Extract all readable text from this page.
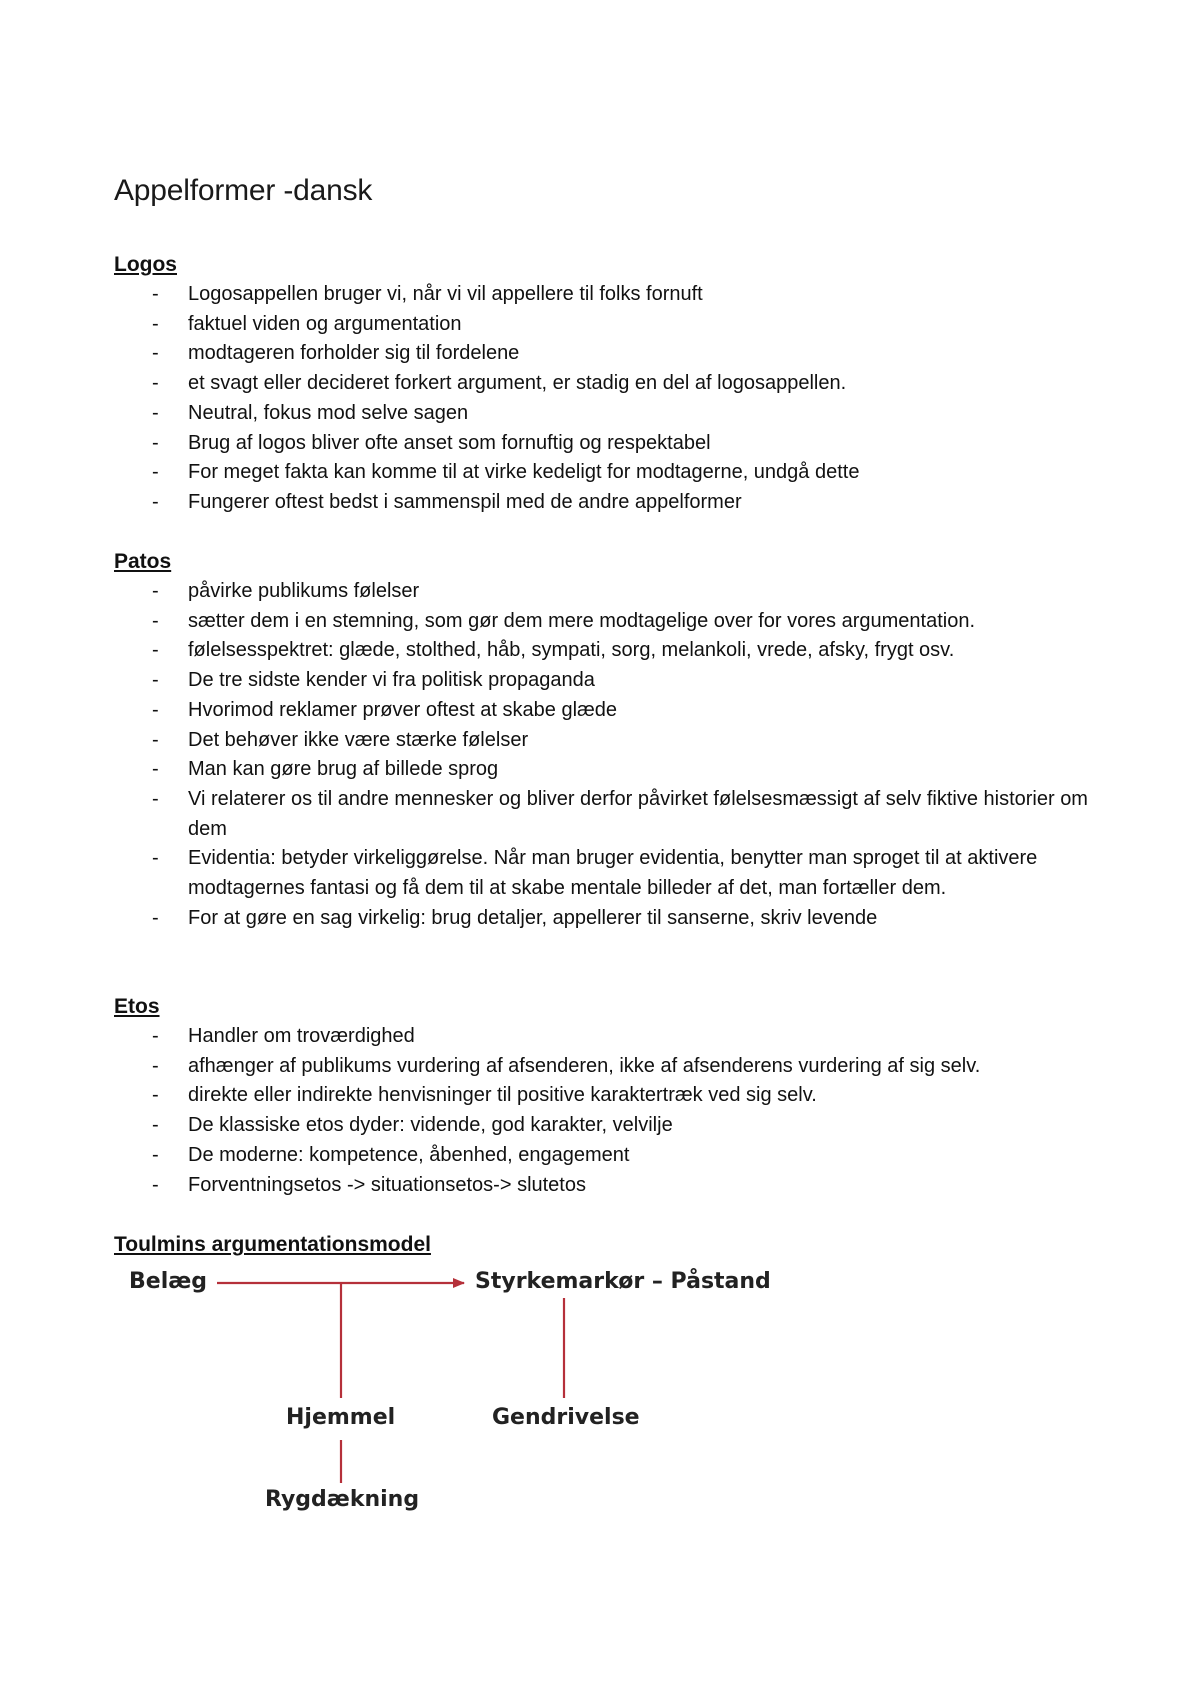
Appelformer -dansk
Logos
- Logosappellen bruger vi, når vi vil appellere til folks fornuft
- faktuel viden og argumentation
- modtageren forholder sig til fordelene
- et svagt eller decideret forkert argument, er stadig en del af logosappellen.
- Neutral, fokus mod selve sagen
- Brug af logos bliver ofte anset som fornuftig og respektabel
- For meget fakta kan komme til at virke kedeligt for modtagerne, undgå dette
- Fungerer oftest bedst i sammenspil med de andre appelformer
Patos
- påvirke publikums følelser
- sætter dem i en stemning, som gør dem mere modtagelige over for vores argumentation.
- følelsesspektret: glæde, stolthed, håb, sympati, sorg, melankoli, vrede, afsky, frygt osv.
- De tre sidste kender vi fra politisk propaganda
- Hvorimod reklamer prøver oftest at skabe glæde
- Det behøver ikke være stærke følelser
- Man kan gøre brug af billede sprog
- Vi relaterer os til andre mennesker og bliver derfor påvirket følelsesmæssigt af selv fiktive historier om dem
- Evidentia: betyder virkeliggørelse. Når man bruger evidentia, benytter man sproget til at aktivere modtagernes fantasi og få dem til at skabe mentale billeder af det, man fortæller dem.
- For at gøre en sag virkelig: brug detaljer, appellerer til sanserne, skriv levende
Etos
- Handler om troværdighed
- afhænger af publikums vurdering af afsenderen, ikke af afsenderens vurdering af sig selv.
- direkte eller indirekte henvisninger til positive karaktertræk ved sig selv.
- De klassiske etos dyder: vidende, god karakter, velvilje
- De moderne: kompetence, åbenhed, engagement
- Forventningsetos -> situationsetos-> slutetos
Toulmins argumentationsmodel
Belæg	Styrkemarkør – Påstand
Hjemmel	Gendrivelse
Rygdækning
